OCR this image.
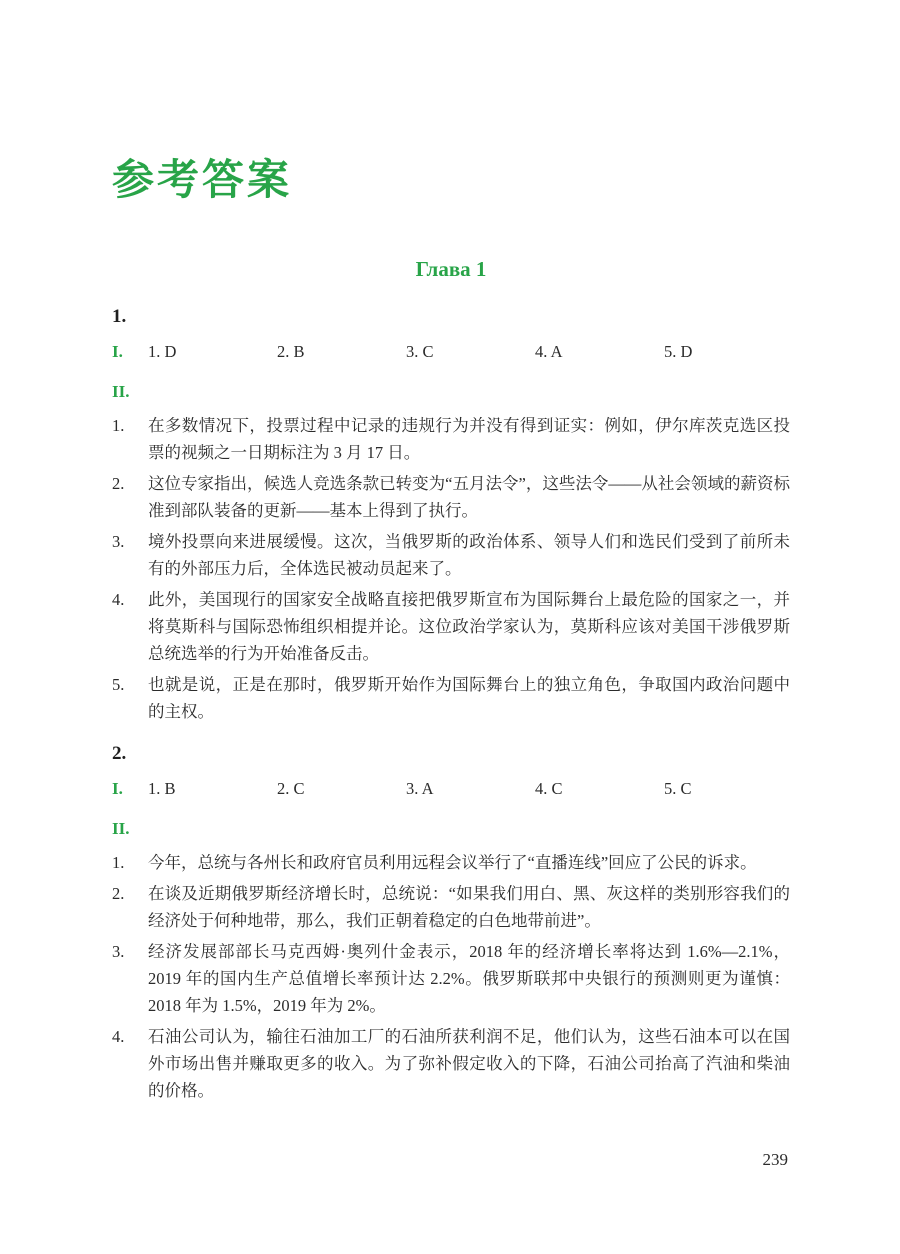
参考答案
Глава 1
1.
I.	1. D	2. B	3. C	4. A	5. D
II.
1.	在多数情况下，投票过程中记录的违规行为并没有得到证实：例如，伊尔库茨克选区投票的视频之一日期标注为 3 月 17 日。
2.	这位专家指出，候选人竞选条款已转变为“五月法令”，这些法令——从社会领域的薪资标准到部队装备的更新——基本上得到了执行。
3.	境外投票向来进展缓慢。这次，当俄罗斯的政治体系、领导人们和选民们受到了前所未有的外部压力后，全体选民被动员起来了。
4.	此外，美国现行的国家安全战略直接把俄罗斯宣布为国际舞台上最危险的国家之一，并将莫斯科与国际恐怖组织相提并论。这位政治学家认为，莫斯科应该对美国干涉俄罗斯总统选举的行为开始准备反击。
5.	也就是说，正是在那时，俄罗斯开始作为国际舞台上的独立角色，争取国内政治问题中的主权。
2.
I.	1. B	2. C	3. A	4. C	5. C
II.
1.	今年，总统与各州长和政府官员利用远程会议举行了“直播连线”回应了公民的诉求。
2.	在谈及近期俄罗斯经济增长时，总统说：“如果我们用白、黑、灰这样的类别形容我们的经济处于何种地带，那么，我们正朝着稳定的白色地带前进”。
3.	经济发展部部长马克西姆·奥列什金表示，2018 年的经济增长率将达到 1.6%—2.1%，2019 年的国内生产总值增长率预计达 2.2%。俄罗斯联邦中央银行的预测则更为谨慎：2018 年为 1.5%，2019 年为 2%。
4.	石油公司认为，输往石油加工厂的石油所获利润不足，他们认为，这些石油本可以在国外市场出售并赚取更多的收入。为了弥补假定收入的下降，石油公司抬高了汽油和柴油的价格。
239
